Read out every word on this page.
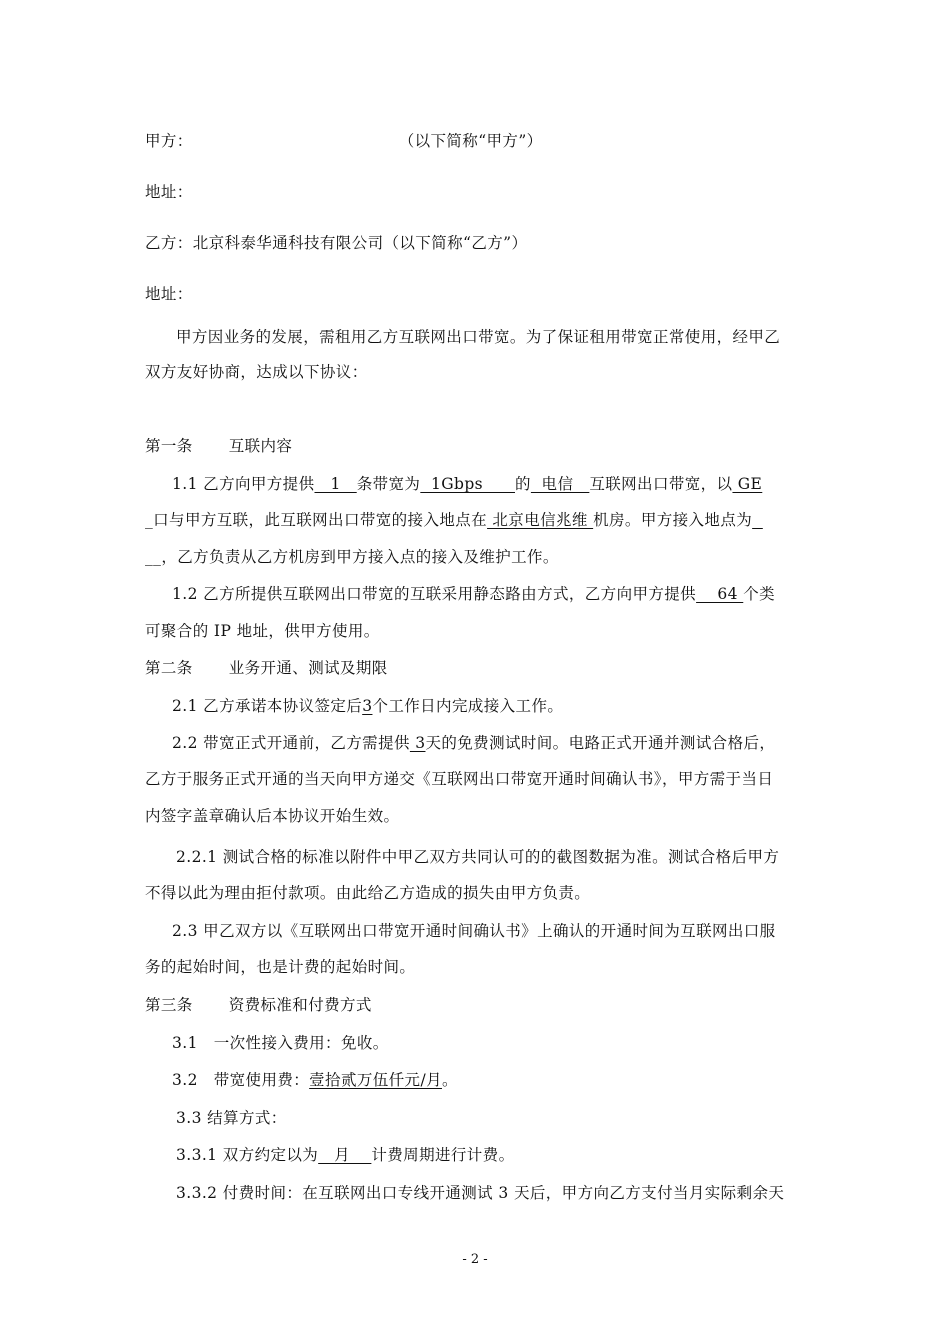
甲方：	（以下简称“甲方”）
地址：
乙方：北京科泰华通科技有限公司（以下简称“乙方”）
地址：
甲方因业务的发展，需租用乙方互联网出口带宽。为了保证租用带宽正常使用，经甲乙
双方友好协商，达成以下协议：
第一条 互联内容
1.1 乙方向甲方提供   1   条带宽为  1Gbps      的  电信   互联网出口带宽，以 GE
_口与甲方互联，此互联网出口带宽的接入地点在 北京电信兆维 机房。甲方接入地点为
__，乙方负责从乙方机房到甲方接入点的接入及维护工作。
1.2 乙方所提供互联网出口带宽的互联采用静态路由方式，乙方向甲方提供    64 个类
可聚合的 IP 地址，供甲方使用。
第二条 业务开通、测试及期限
2.1 乙方承诺本协议签定后3个工作日内完成接入工作。
2.2 带宽正式开通前，乙方需提供 3天的免费测试时间。电路正式开通并测试合格后，
乙方于服务正式开通的当天向甲方递交《互联网出口带宽开通时间确认书》，甲方需于当日
内签字盖章确认后本协议开始生效。
2.2.1 测试合格的标准以附件中甲乙双方共同认可的的截图数据为准。测试合格后甲方
不得以此为理由拒付款项。由此给乙方造成的损失由甲方负责。
2.3 甲乙双方以《互联网出口带宽开通时间确认书》上确认的开通时间为互联网出口服
务的起始时间，也是计费的起始时间。
第三条 资费标准和付费方式
3.1　一次性接入费用：免收。
3.2　带宽使用费：壹拾贰万伍仟元/月。
3.3 结算方式：
3.3.1 双方约定以为   月    计费周期进行计费。
3.3.2 付费时间：在互联网出口专线开通测试 3 天后，甲方向乙方支付当月实际剩余天
- 2 -
